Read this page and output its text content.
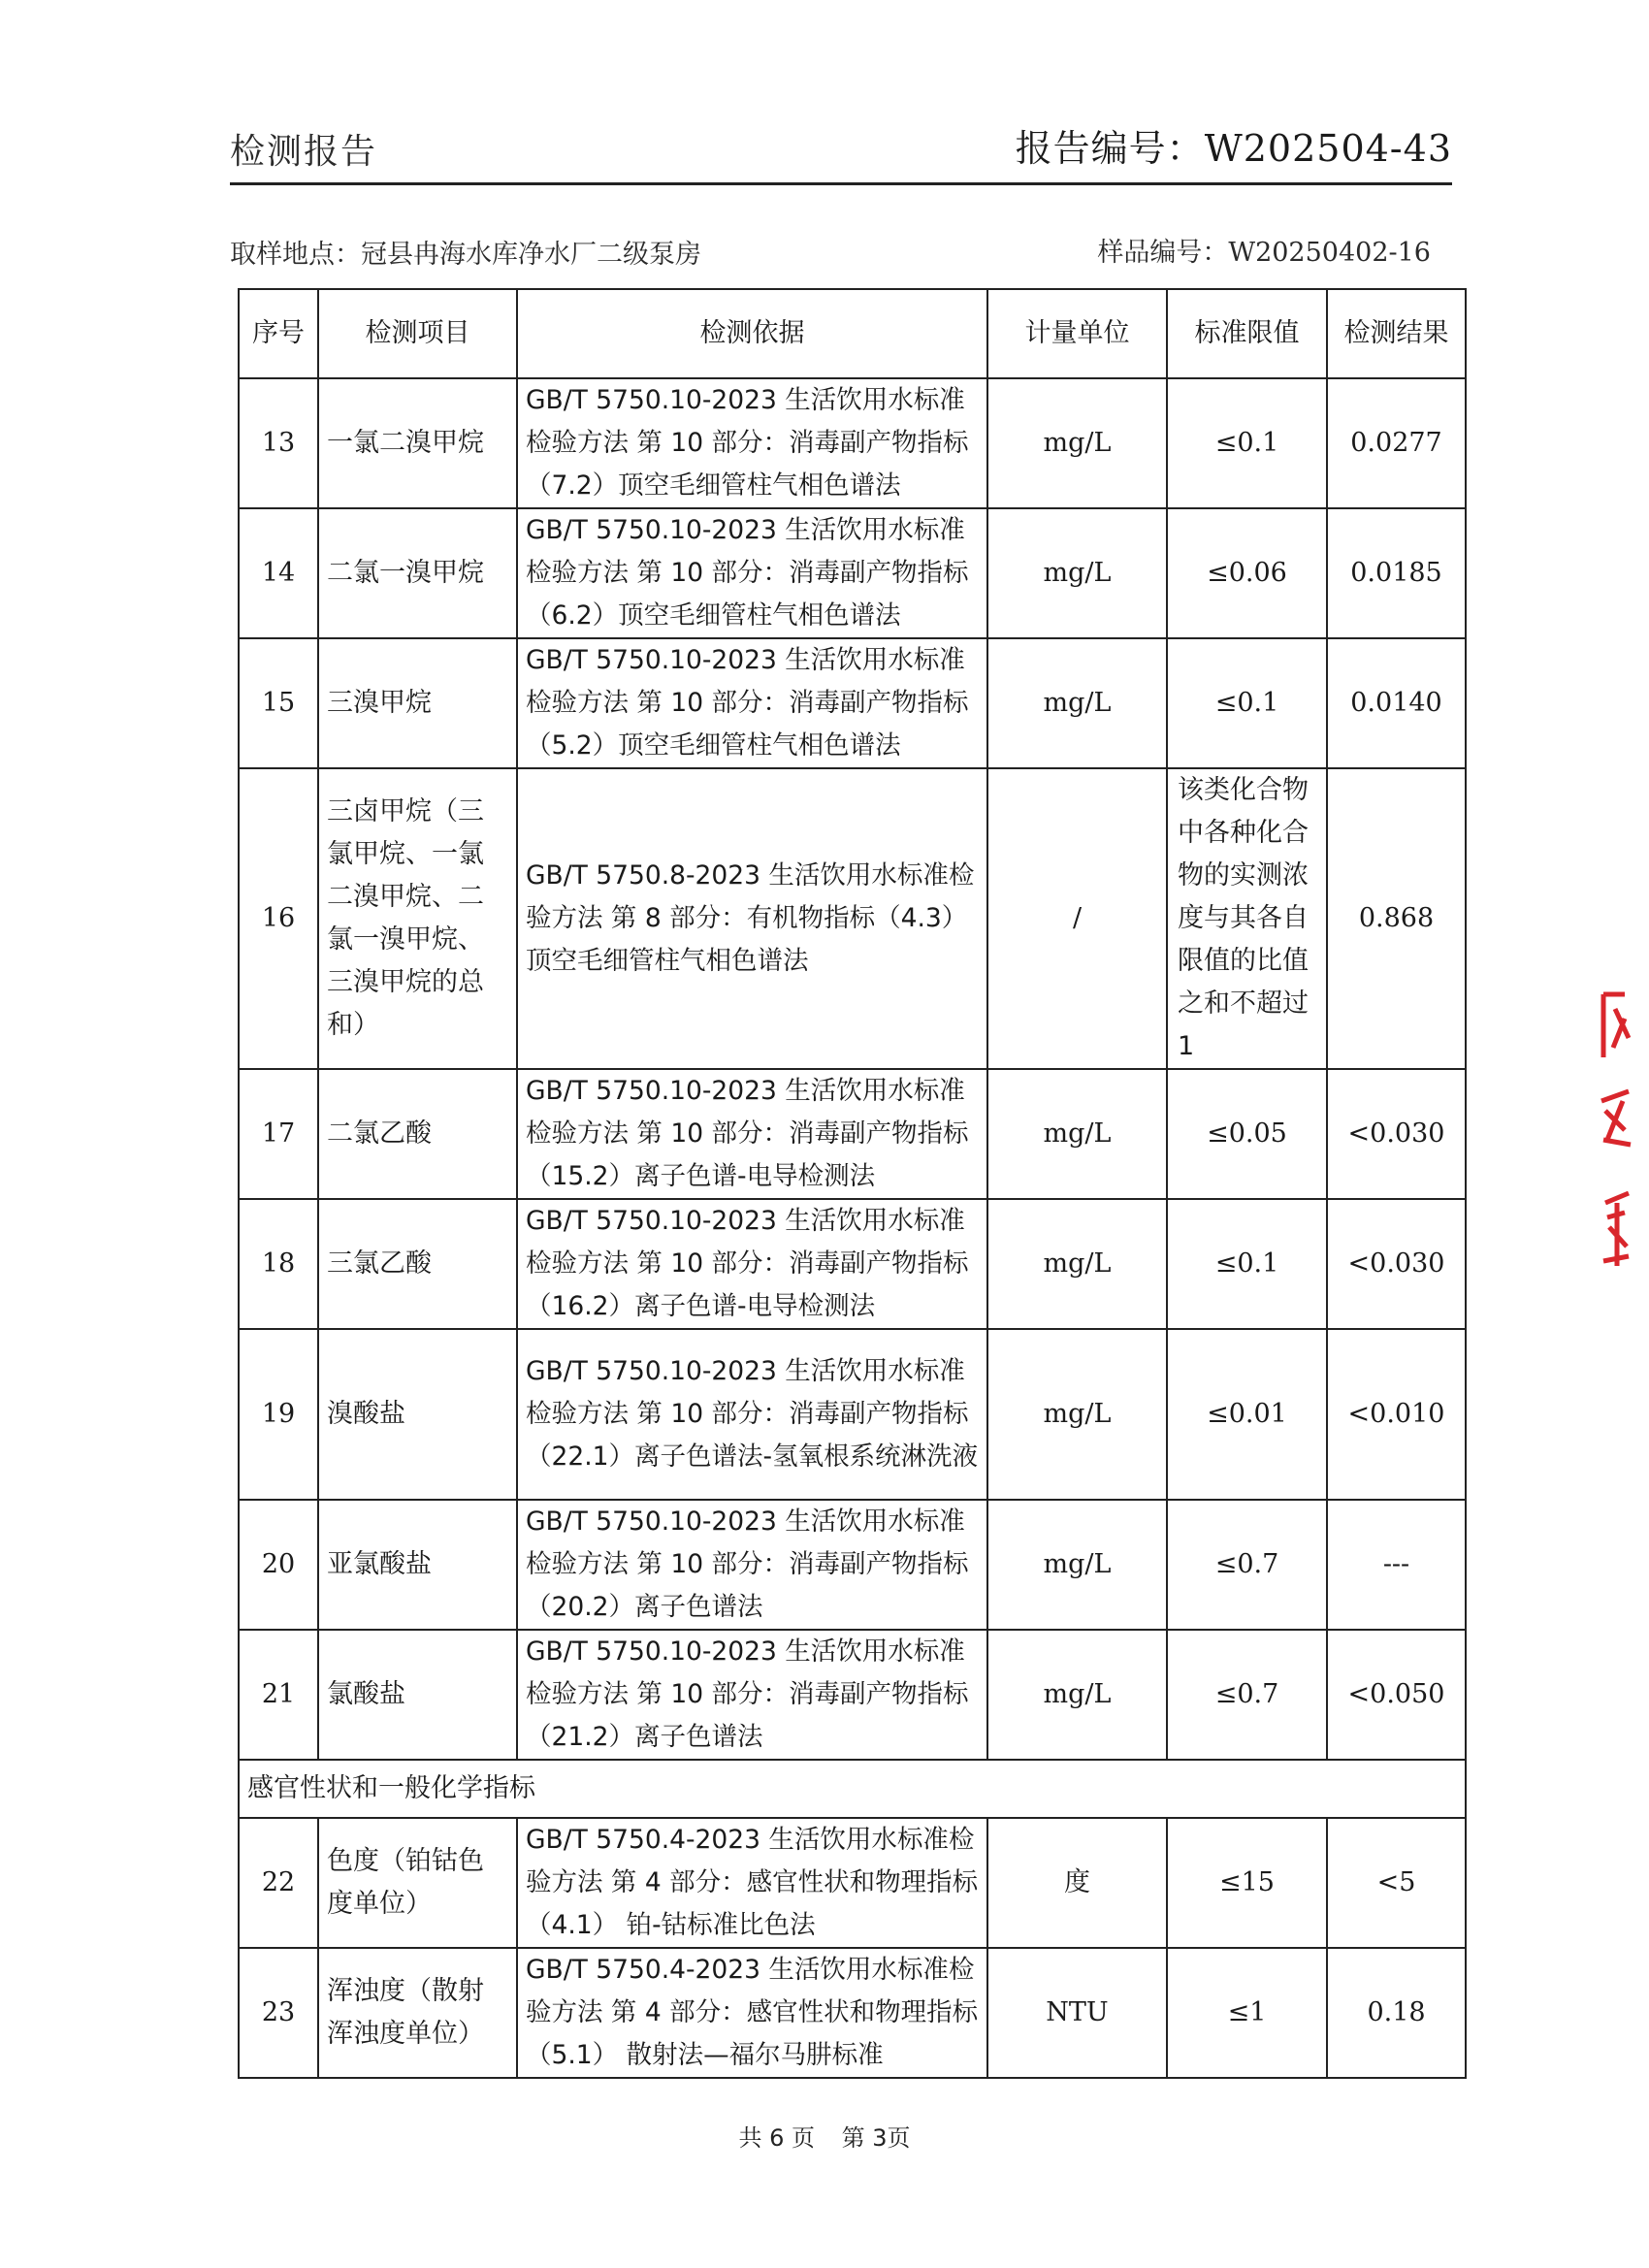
检测报告	报告编号：W202504-43
取样地点：冠县冉海水库净水厂二级泵房	样品编号：W20250402-16
序号	检测项目	检测依据	计量单位	标准限值	检测结果
13	一氯二溴甲烷	GB/T 5750.10-2023 生活饮用水标准检验方法 第 10 部分：消毒副产物指标（7.2）顶空毛细管柱气相色谱法	mg/L	≤0.1	0.0277
14	二氯一溴甲烷	GB/T 5750.10-2023 生活饮用水标准检验方法 第 10 部分：消毒副产物指标（6.2）顶空毛细管柱气相色谱法	mg/L	≤0.06	0.0185
15	三溴甲烷	GB/T 5750.10-2023 生活饮用水标准检验方法 第 10 部分：消毒副产物指标（5.2）顶空毛细管柱气相色谱法	mg/L	≤0.1	0.0140
16	三卤甲烷（三氯甲烷、一氯二溴甲烷、二氯一溴甲烷、三溴甲烷的总和）	GB/T 5750.8-2023 生活饮用水标准检验方法 第 8 部分：有机物指标（4.3）顶空毛细管柱气相色谱法	/	该类化合物中各种化合物的实测浓度与其各自限值的比值之和不超过1	0.868
17	二氯乙酸	GB/T 5750.10-2023 生活饮用水标准检验方法 第 10 部分：消毒副产物指标（15.2）离子色谱-电导检测法	mg/L	≤0.05	<0.030
18	三氯乙酸	GB/T 5750.10-2023 生活饮用水标准检验方法 第 10 部分：消毒副产物指标（16.2）离子色谱-电导检测法	mg/L	≤0.1	<0.030
19	溴酸盐	GB/T 5750.10-2023 生活饮用水标准检验方法 第 10 部分：消毒副产物指标（22.1）离子色谱法-氢氧根系统淋洗液	mg/L	≤0.01	<0.010
20	亚氯酸盐	GB/T 5750.10-2023 生活饮用水标准检验方法 第 10 部分：消毒副产物指标（20.2）离子色谱法	mg/L	≤0.7	---
21	氯酸盐	GB/T 5750.10-2023 生活饮用水标准检验方法 第 10 部分：消毒副产物指标（21.2）离子色谱法	mg/L	≤0.7	<0.050
感官性状和一般化学指标					
22	色度（铂钴色度单位）	GB/T 5750.4-2023 生活饮用水标准检验方法 第 4 部分：感官性状和物理指标（4.1） 铂-钴标准比色法	度	≤15	<5
23	浑浊度（散射浑浊度单位）	GB/T 5750.4-2023 生活饮用水标准检验方法 第 4 部分：感官性状和物理指标（5.1） 散射法—福尔马肼标准	NTU	≤1	0.18
共 6 页 第 3页
